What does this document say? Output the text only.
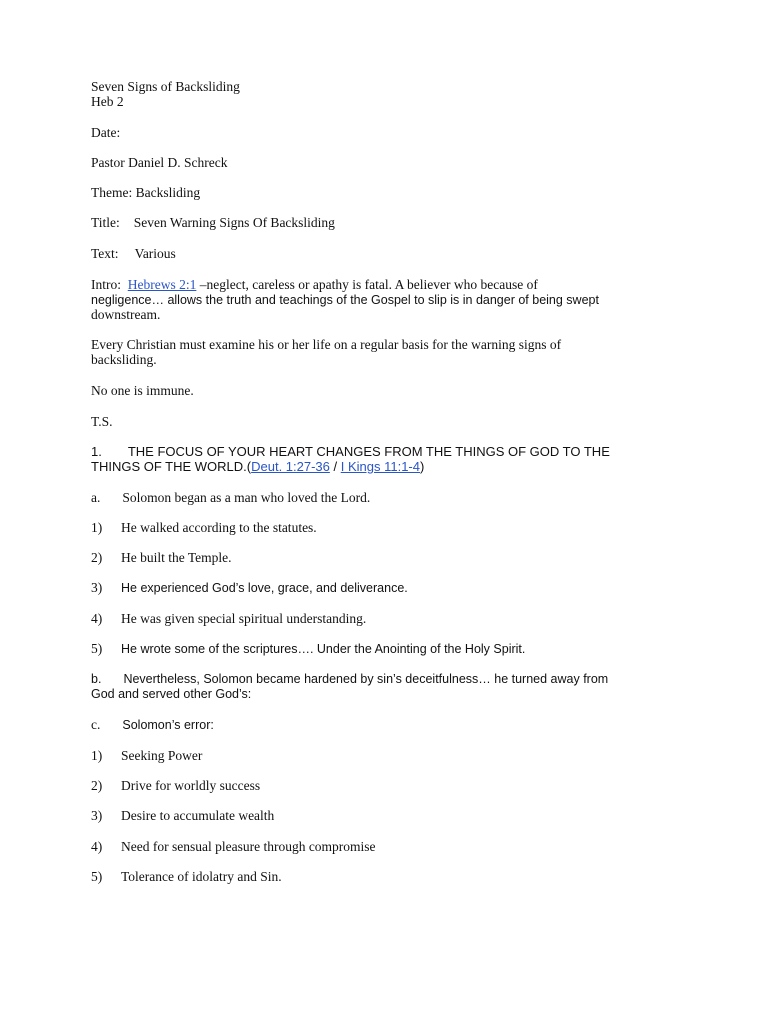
Seven Signs of Backsliding

Heb 2

Date:

Pastor Daniel D. Schreck

Theme: Backsliding

Title: Seven Warning Signs Of Backsliding

Text: Various

Intro: Hebrews 2:1 –neglect, careless or apathy is fatal. A believer who because of

negligence… allows the truth and teachings of the Gospel to slip is in danger of being swept

downstream.

Every Christian must examine his or her life on a regular basis for the warning signs of

backsliding.

No one is immune.

T.S.

1. THE FOCUS OF YOUR HEART CHANGES FROM THE THINGS OF GOD TO THE

THINGS OF THE WORLD.(Deut. 1:27-36 / I Kings 11:1-4)

a. Solomon began as a man who loved the Lord.

1) He walked according to the statutes.

2) He built the Temple.

3) He experienced God’s love, grace, and deliverance.

4) He was given special spiritual understanding.

5) He wrote some of the scriptures…. Under the Anointing of the Holy Spirit.

b. Nevertheless, Solomon became hardened by sin’s deceitfulness… he turned away from

God and served other God’s:

c. Solomon’s error:

1) Seeking Power

2) Drive for worldly success

3) Desire to accumulate wealth

4) Need for sensual pleasure through compromise

5) Tolerance of idolatry and Sin.
